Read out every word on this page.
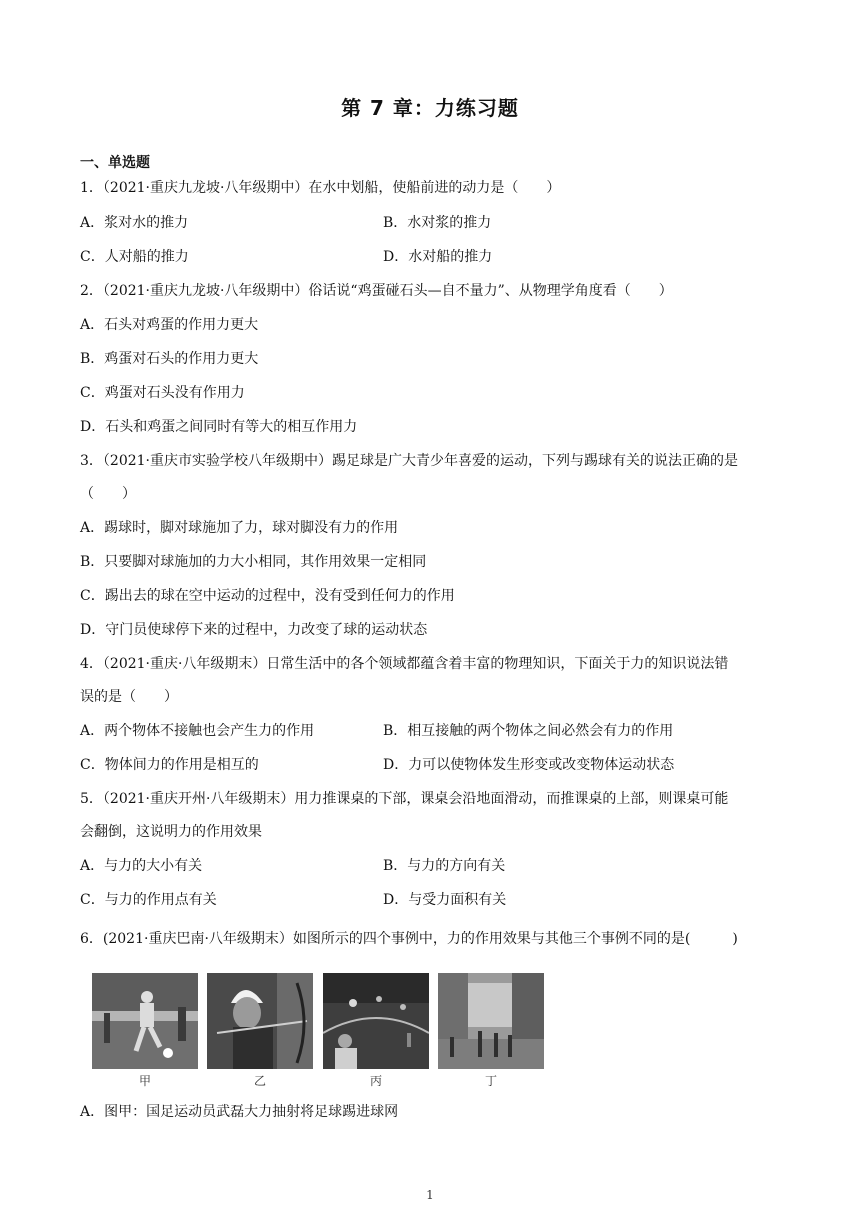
第 7 章：力练习题
一、单选题
1．（2021·重庆九龙坡·八年级期中）在水中划船，使船前进的动力是（　　）
A．浆对水的推力	B．水对浆的推力
C．人对船的推力	D．水对船的推力
2．（2021·重庆九龙坡·八年级期中）俗话说“鸡蛋碰石头—自不量力”、从物理学角度看（　　）
A．石头对鸡蛋的作用力更大
B．鸡蛋对石头的作用力更大
C．鸡蛋对石头没有作用力
D．石头和鸡蛋之间同时有等大的相互作用力
3．（2021·重庆市实验学校八年级期中）踢足球是广大青少年喜爱的运动，下列与踢球有关的说法正确的是
（　　）
A．踢球时，脚对球施加了力，球对脚没有力的作用
B．只要脚对球施加的力大小相同，其作用效果一定相同
C．踢出去的球在空中运动的过程中，没有受到任何力的作用
D．守门员使球停下来的过程中，力改变了球的运动状态
4．（2021·重庆·八年级期末）日常生活中的各个领域都蕴含着丰富的物理知识，下面关于力的知识说法错
误的是（　　）
A．两个物体不接触也会产生力的作用	B．相互接触的两个物体之间必然会有力的作用
C．物体间力的作用是相互的	D．力可以使物体发生形变或改变物体运动状态
5．（2021·重庆开州·八年级期末）用力推课桌的下部，课桌会沿地面滑动，而推课桌的上部，则课桌可能
会翻倒，这说明力的作用效果
A．与力的大小有关	B．与力的方向有关
C．与力的作用点有关	D．与受力面积有关
6．(2021·重庆巴南·八年级期末）如图所示的四个事例中，力的作用效果与其他三个事例不同的是(　　　)
甲	乙	丙	丁
A．图甲：国足运动员武磊大力抽射将足球踢进球网
1
